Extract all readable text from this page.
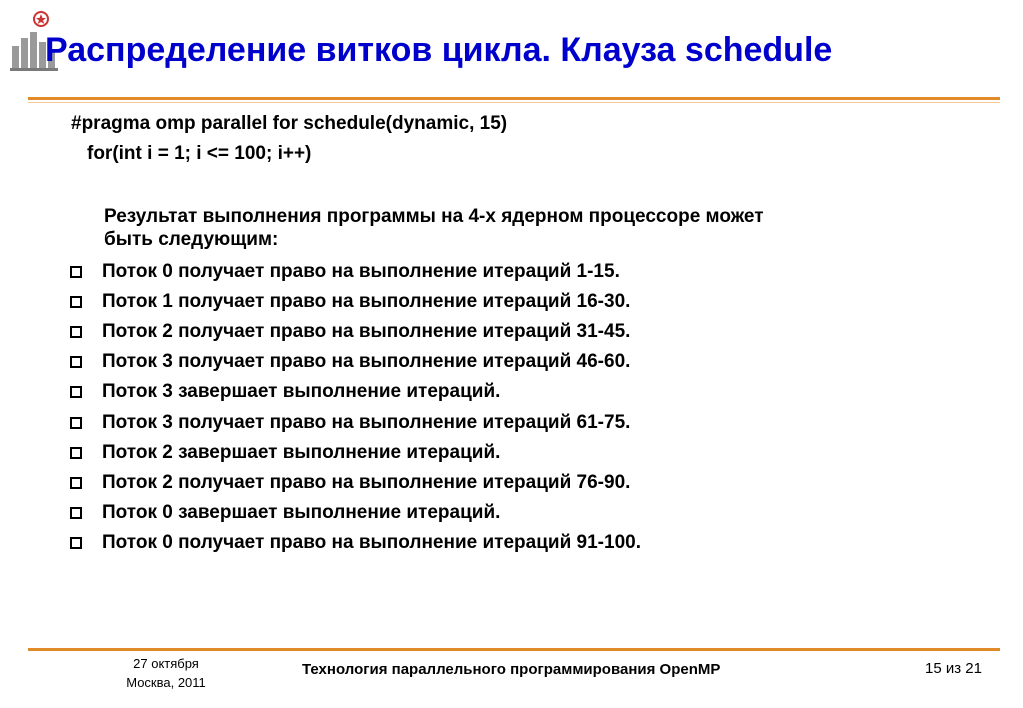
Распределение витков цикла. Клауза schedule
#pragma omp parallel for schedule(dynamic, 15)
for(int i = 1; i <= 100; i++)
Результат выполнения программы на 4-х ядерном процессоре может
быть следующим:
Поток 0 получает право на выполнение итераций 1-15.
Поток 1 получает право на выполнение итераций 16-30.
Поток 2 получает право на выполнение итераций 31-45.
Поток 3 получает право на выполнение итераций 46-60.
Поток 3 завершает выполнение итераций.
Поток 3 получает право на выполнение итераций 61-75.
Поток 2 завершает выполнение итераций.
Поток 2 получает право на выполнение итераций 76-90.
Поток 0 завершает выполнение итераций.
Поток 0 получает право на выполнение итераций 91-100.
27 октября
Москва, 2011
Технология параллельного программирования OpenMP	15 из 21
